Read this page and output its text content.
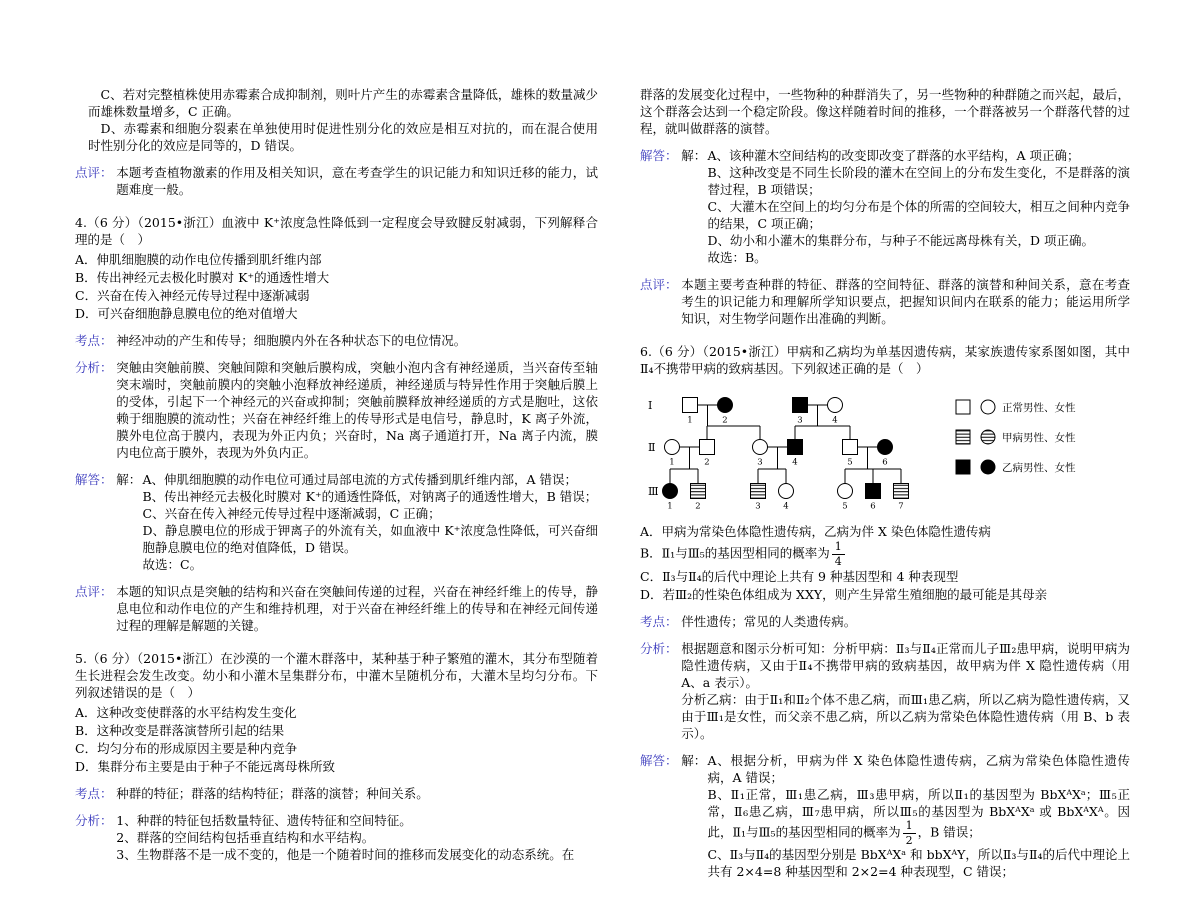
C、若对完整植株使用赤霉素合成抑制剂，则叶片产生的赤霉素含量降低，雄株的数量减少而雄株数量增多，C 正确。

D、赤霉素和细胞分裂素在单独使用时促进性别分化的效应是相互对抗的，而在混合使用时性别分化的效应是同等的，D 错误。

点评： 本题考查植物激素的作用及相关知识，意在考查学生的识记能力和知识迁移的能力，试题难度一般。

4.（6 分）（2015•浙江）血液中 K⁺浓度急性降低到一定程度会导致腱反射减弱，下列解释合理的是（　）

A．伸肌细胞膜的动作电位传播到肌纤维内部

B．传出神经元去极化时膜对 K⁺的通透性增大

C．兴奋在传入神经元传导过程中逐渐减弱

D．可兴奋细胞静息膜电位的绝对值增大

考点： 神经冲动的产生和传导；细胞膜内外在各种状态下的电位情况。

分析： 突触由突触前膜、突触间隙和突触后膜构成，突触小泡内含有神经递质，当兴奋传至轴突末端时，突触前膜内的突触小泡释放神经递质，神经递质与特异性作用于突触后膜上的受体，引起下一个神经元的兴奋或抑制；突触前膜释放神经递质的方式是胞吐，这依赖于细胞膜的流动性；兴奋在神经纤维上的传导形式是电信号，静息时，K 离子外流，膜外电位高于膜内，表现为外正内负；兴奋时，Na 离子通道打开，Na 离子内流，膜内电位高于膜外，表现为外负内正。

解答： 解： A、伸肌细胞膜的动作电位可通过局部电流的方式传播到肌纤维内部，A 错误；

B、传出神经元去极化时膜对 K⁺的通透性降低，对钠离子的通透性增大，B 错误；

C、兴奋在传入神经元传导过程中逐渐减弱，C 正确；

D、静息膜电位的形成于钾离子的外流有关，如血液中 K⁺浓度急性降低，可兴奋细胞静息膜电位的绝对值降低，D 错误。

故选：C。

点评： 本题的知识点是突触的结构和兴奋在突触间传递的过程，兴奋在神经纤维上的传导，静息电位和动作电位的产生和维持机理，对于兴奋在神经纤维上的传导和在神经元间传递过程的理解是解题的关键。

5.（6 分）（2015•浙江）在沙漠的一个灌木群落中，某种基于种子繁殖的灌木，其分布型随着生长进程会发生改变。幼小和小灌木呈集群分布，中灌木呈随机分布，大灌木呈均匀分布。下列叙述错误的是（　）

A．这种改变使群落的水平结构发生变化

B．这种改变是群落演替所引起的结果

C．均匀分布的形成原因主要是种内竞争

D．集群分布主要是由于种子不能远离母株所致

考点： 种群的特征；群落的结构特征；群落的演替；种间关系。

分析： 1、种群的特征包括数量特征、遗传特征和空间特征。

2、群落的空间结构包括垂直结构和水平结构。

3、生物群落不是一成不变的，他是一个随着时间的推移而发展变化的动态系统。在

群落的发展变化过程中，一些物种的种群消失了，另一些物种的种群随之而兴起，最后，这个群落会达到一个稳定阶段。像这样随着时间的推移，一个群落被另一个群落代替的过程，就叫做群落的演替。

解答： 解： A、该种灌木空间结构的改变即改变了群落的水平结构，A 项正确；

B、这种改变是不同生长阶段的灌木在空间上的分布发生变化，不是群落的演替过程，B 项错误；

C、大灌木在空间上的均匀分布是个体的所需的空间较大，相互之间种内竞争的结果，C 项正确；

D、幼小和小灌木的集群分布，与种子不能远离母株有关，D 项正确。

故选：B。

点评： 本题主要考查种群的特征、群落的空间特征、群落的演替和种间关系，意在考查考生的识记能力和理解所学知识要点，把握知识间内在联系的能力；能运用所学知识，对生物学问题作出准确的判断。

6.（6 分）（2015•浙江）甲病和乙病均为单基因遗传病，某家族遗传家系图如图，其中Ⅱ₄不携带甲病的致病基因。下列叙述正确的是（　）

1	2	3	4
1	2	3	4	5	6
1	2	3	4	5	6	7
Ⅰ
Ⅱ
Ⅲ
正常男性、女性
甲病男性、女性
乙病男性、女性

A．甲病为常染色体隐性遗传病，乙病为伴 X 染色体隐性遗传病

B．Ⅱ₁与Ⅲ₅的基因型相同的概率为 $\frac{1}{4}$

C．Ⅱ₃与Ⅱ₄的后代中理论上共有 9 种基因型和 4 种表现型

D．若Ⅲ₂的性染色体组成为 XXY，则产生异常生殖细胞的最可能是其母亲

考点： 伴性遗传；常见的人类遗传病。

分析： 根据题意和图示分析可知：分析甲病：Ⅱ₃与Ⅱ₄正常而儿子Ⅲ₂患甲病，说明甲病为隐性遗传病，又由于Ⅱ₄不携带甲病的致病基因，故甲病为伴 X 隐性遗传病（用 A、a 表示）。

分析乙病：由于Ⅱ₁和Ⅱ₂个体不患乙病，而Ⅲ₁患乙病，所以乙病为隐性遗传病，又由于Ⅲ₁是女性，而父亲不患乙病，所以乙病为常染色体隐性遗传病（用 B、b 表示）。

解答： 解： A、根据分析，甲病为伴 X 染色体隐性遗传病，乙病为常染色体隐性遗传病，A 错误；

B、Ⅱ₁正常，Ⅲ₁患乙病，Ⅲ₃患甲病，所以Ⅱ₁的基因型为 BbXᴬXᵃ；Ⅲ₅正常，Ⅱ₆患乙病，Ⅲ₇患甲病，所以Ⅲ₅的基因型为 BbXᴬXᵃ 或 BbXᴬXᴬ。因此，Ⅱ₁与Ⅲ₅的基因型相同的概率为 $\frac{1}{2}$ ，B 错误；

C、Ⅱ₃与Ⅱ₄的基因型分别是 BbXᴬXᵃ 和 bbXᴬY，所以Ⅱ₃与Ⅱ₄的后代中理论上共有 2×4=8 种基因型和 2×2=4 种表现型，C 错误；
